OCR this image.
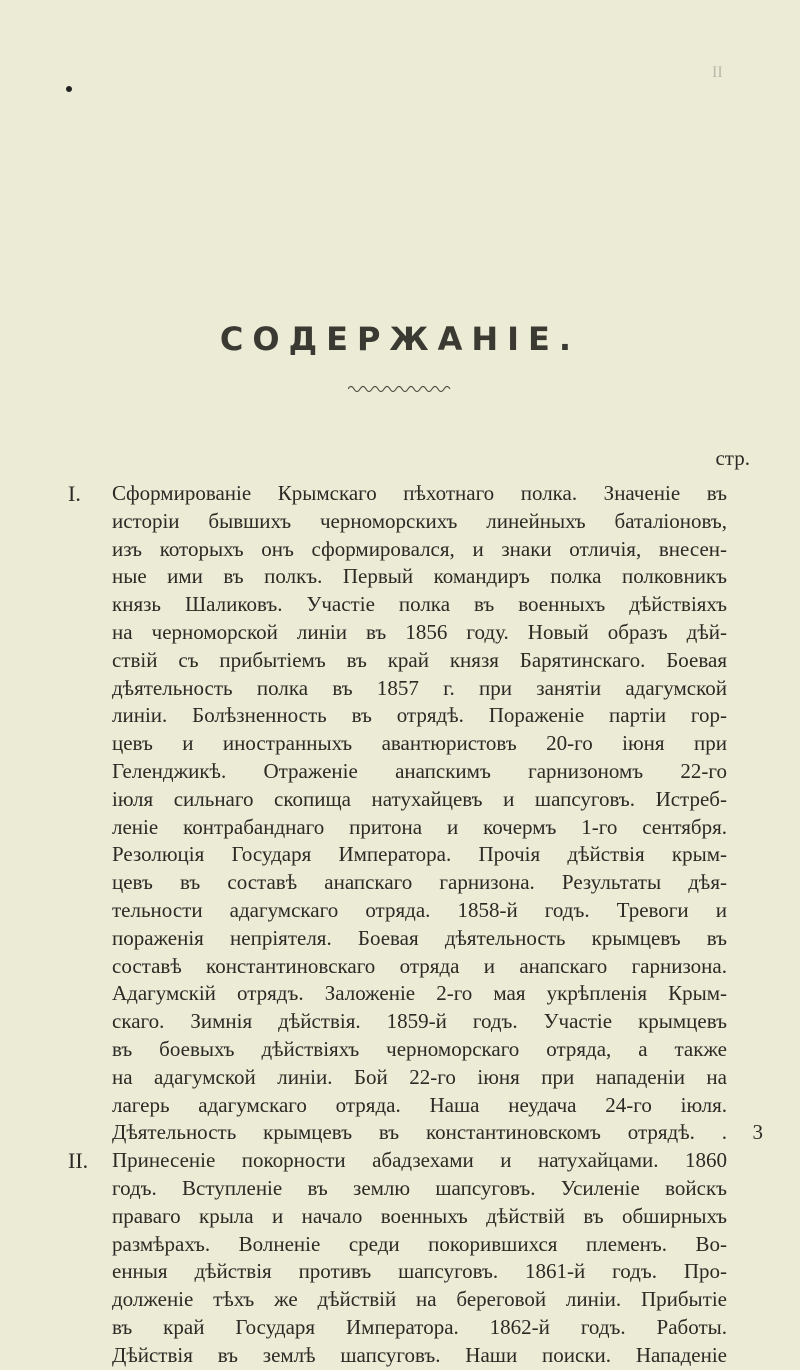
II
СОДЕРЖАНІЕ.
стр.
I.	Сформированіе Крымскаго пѣхотнаго полка. Значеніе въ
исторіи бывшихъ черноморскихъ линейныхъ баталіоновъ,
изъ которыхъ онъ сформировался, и знаки отличія, внесен-
ные ими въ полкъ. Первый командиръ полка полковникъ
князь Шаликовъ. Участіе полка въ военныхъ дѣйствіяхъ
на черноморской линіи въ 1856 году. Новый образъ дѣй-
ствій съ прибытіемъ въ край князя Барятинскаго. Боевая
дѣятельность полка въ 1857 г. при занятіи адагумской
линіи. Болѣзненность въ отрядѣ. Пораженіе партіи гор-
цевъ и иностранныхъ авантюристовъ 20-го іюня при
Геленджикѣ. Отраженіе анапскимъ гарнизономъ 22-го
іюля сильнаго скопища натухайцевъ и шапсуговъ. Истреб-
леніе контрабанднаго притона и кочермъ 1-го сентября.
Резолюція Государя Императора. Прочія дѣйствія крым-
цевъ въ составѣ анапскаго гарнизона. Результаты дѣя-
тельности адагумскаго отряда. 1858-й годъ. Тревоги и
пораженія непріятеля. Боевая дѣятельность крымцевъ въ
составѣ константиновскаго отряда и анапскаго гарнизона.
Адагумскій отрядъ. Заложеніе 2-го мая укрѣпленія Крым-
скаго. Зимнія дѣйствія. 1859-й годъ. Участіе крымцевъ
въ боевыхъ дѣйствіяхъ черноморскаго отряда, а также
на адагумской линіи. Бой 22-го іюня при нападеніи на
лагерь адагумскаго отряда. Наша неудача 24-го іюля.
Дѣятельность крымцевъ въ константиновскомъ отрядѣ. . 3
II.	Принесеніе покорности абадзехами и натухайцами. 1860
годъ. Вступленіе въ землю шапсуговъ. Усиленіе войскъ
праваго крыла и начало военныхъ дѣйствій въ обширныхъ
размѣрахъ. Волненіе среди покорившихся племенъ. Во-
енныя дѣйствія противъ шапсуговъ. 1861-й годъ. Про-
долженіе тѣхъ же дѣйствій на береговой линіи. Прибытіе
въ край Государя Императора. 1862-й годъ. Работы.
Дѣйствія въ землѣ шапсуговъ. Наши поиски. Нападеніе
